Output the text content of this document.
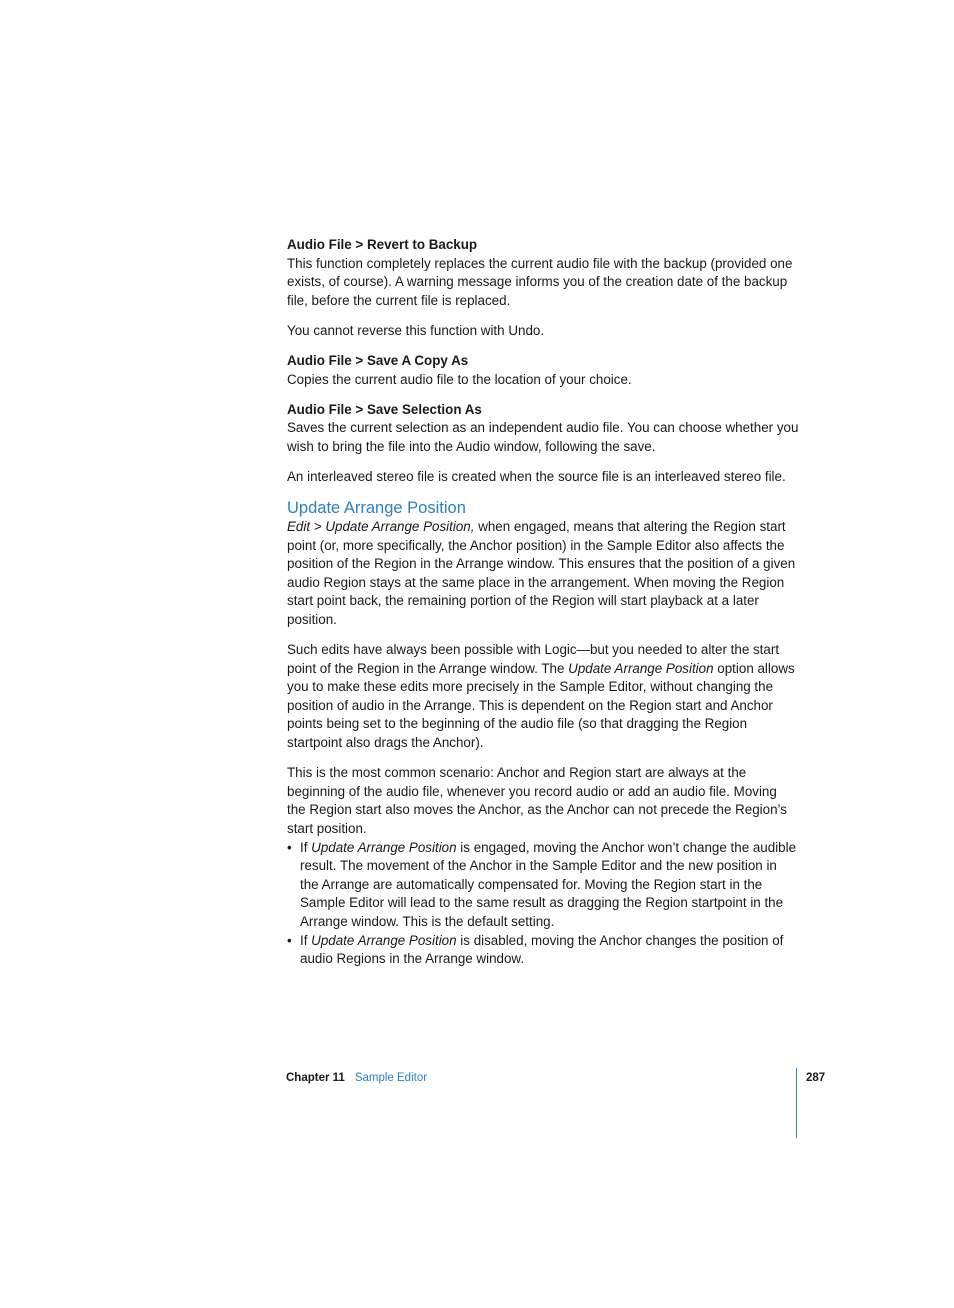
Audio File > Revert to Backup

This function completely replaces the current audio file with the backup (provided one exists, of course). A warning message informs you of the creation date of the backup file, before the current file is replaced.

You cannot reverse this function with Undo.

Audio File > Save A Copy As

Copies the current audio file to the location of your choice.

Audio File > Save Selection As

Saves the current selection as an independent audio file. You can choose whether you wish to bring the file into the Audio window, following the save.

An interleaved stereo file is created when the source file is an interleaved stereo file.

Update Arrange Position

Edit > Update Arrange Position, when engaged, means that altering the Region start point (or, more specifically, the Anchor position) in the Sample Editor also affects the position of the Region in the Arrange window. This ensures that the position of a given audio Region stays at the same place in the arrangement. When moving the Region start point back, the remaining portion of the Region will start playback at a later position.

Such edits have always been possible with Logic—but you needed to alter the start point of the Region in the Arrange window. The Update Arrange Position option allows you to make these edits more precisely in the Sample Editor, without changing the position of audio in the Arrange. This is dependent on the Region start and Anchor points being set to the beginning of the audio file (so that dragging the Region startpoint also drags the Anchor).

This is the most common scenario: Anchor and Region start are always at the beginning of the audio file, whenever you record audio or add an audio file. Moving the Region start also moves the Anchor, as the Anchor can not precede the Region’s start position.

• If Update Arrange Position is engaged, moving the Anchor won’t change the audible result. The movement of the Anchor in the Sample Editor and the new position in the Arrange are automatically compensated for. Moving the Region start in the Sample Editor will lead to the same result as dragging the Region startpoint in the Arrange window. This is the default setting.
• If Update Arrange Position is disabled, moving the Anchor changes the position of audio Regions in the Arrange window.
Chapter 11 Sample Editor	287
